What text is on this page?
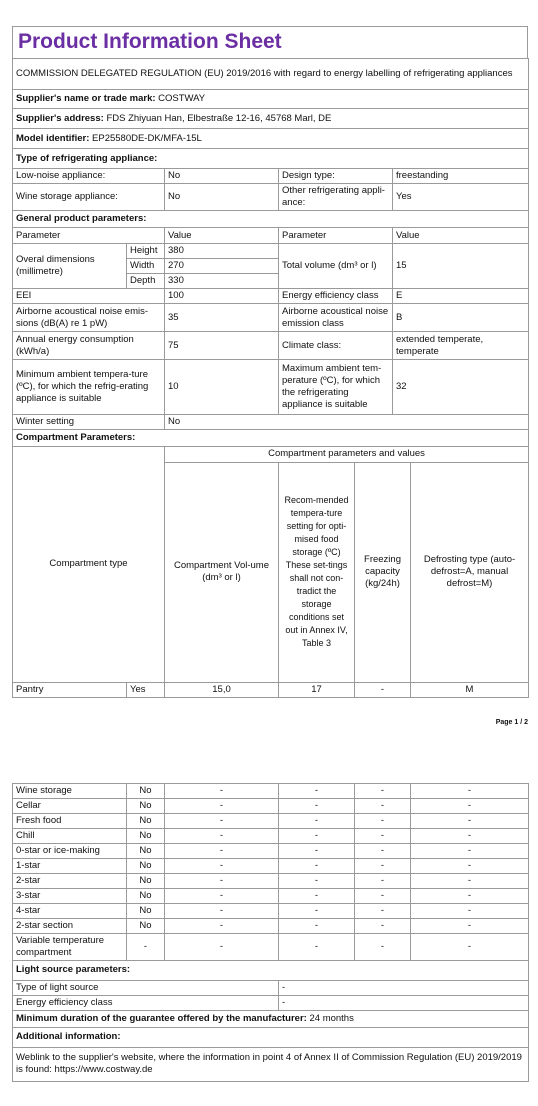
Product Information Sheet
COMMISSION DELEGATED REGULATION (EU) 2019/2016 with regard to energy labelling of refrigerating appliances				
Supplier's name or trade mark: COSTWAY				
Supplier's address: FDS Zhiyuan Han, Elbestraße 12-16, 45768 Marl, DE				
Model identifier: EP25580DE-DK/MFA-15L				
Type of refrigerating appliance:				
Low-noise appliance:		No	Design type:	freestanding
Wine storage appliance:		No	Other refrigerating appli-ance:	Yes
General product parameters:				
Parameter		Value	Parameter	Value
Overal dimensions (millimetre)	Height	380	Total volume (dm³ or l)	15
	Width	270		
	Depth	330		
EEI		100	Energy efficiency class	E
Airborne acoustical noise emis-sions (dB(A) re 1 pW)		35	Airborne acoustical noise emission class	B
Annual energy consumption (kWh/a)		75	Climate class:	extended temperate, temperate
Minimum ambient tempera-ture (ºC), for which the refrig-erating appliance is suitable		10	Maximum ambient tem-perature (ºC), for which the refrigerating appliance is suitable	32
Winter setting		No		
Compartment Parameters:				
Compartment type		Compartment parameters and values			
		Compartment Vol-ume (dm³ or l)	Recom-mended tempera-ture setting for opti-mised food storage (ºC) These set-tings shall not con-tradict the storage conditions set out in Annex IV, Table 3	Freezing capacity (kg/24h)	Defrosting type (auto-defrost=A, manual defrost=M)
Pantry	Yes	15,0	17	-	M
Page 1 / 2
Wine storage	No	-	-	-	-
Cellar	No	-	-	-	-
Fresh food	No	-	-	-	-
Chill	No	-	-	-	-
0-star or ice-making	No	-	-	-	-
1-star	No	-	-	-	-
2-star	No	-	-	-	-
3-star	No	-	-	-	-
4-star	No	-	-	-	-
2-star section	No	-	-	-	-
Variable temperature compartment	-	-	-	-	-
Light source parameters:	
Type of light source	-
Energy efficiency class	-
Minimum duration of the guarantee offered by the manufacturer: 24 months	
Additional information:	
Weblink to the supplier's website, where the information in point 4 of Annex II of Commission Regulation (EU) 2019/2019 is found: https://www.costway.de	
